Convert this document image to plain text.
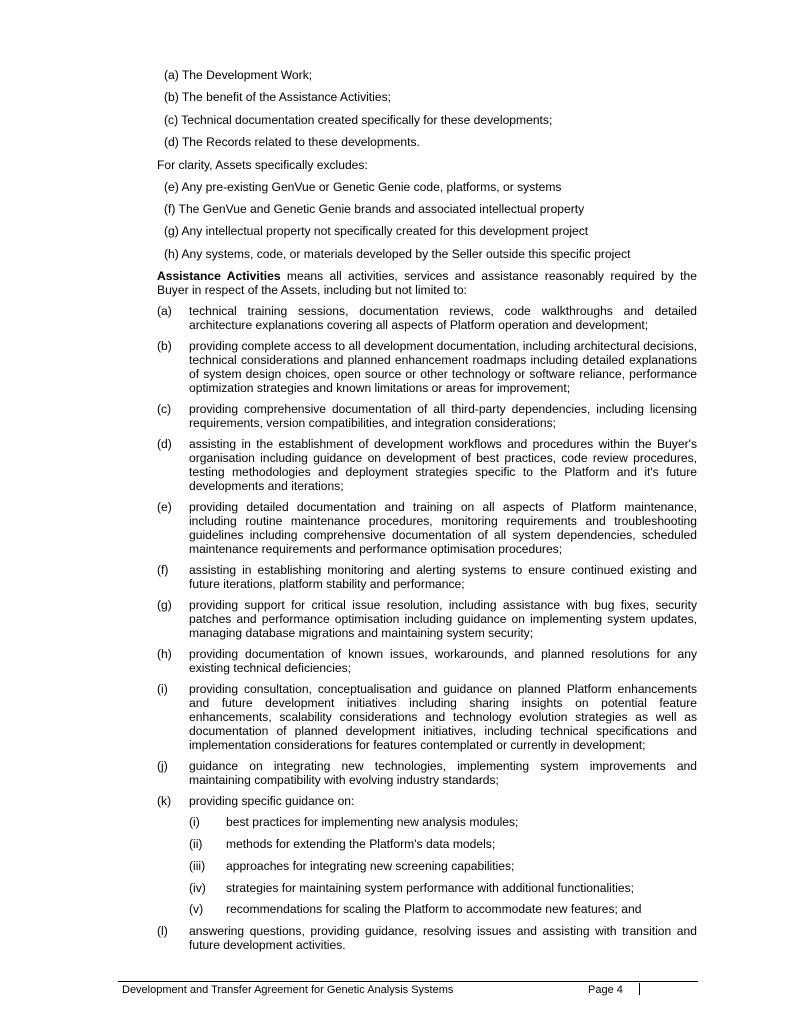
(a) The Development Work;
(b) The benefit of the Assistance Activities;
(c) Technical documentation created specifically for these developments;
(d) The Records related to these developments.
For clarity, Assets specifically excludes:
(e) Any pre-existing GenVue or Genetic Genie code, platforms, or systems
(f) The GenVue and Genetic Genie brands and associated intellectual property
(g) Any intellectual property not specifically created for this development project
(h) Any systems, code, or materials developed by the Seller outside this specific project
Assistance Activities means all activities, services and assistance reasonably required by the Buyer in respect of the Assets, including but not limited to:
(a)	technical training sessions, documentation reviews, code walkthroughs and detailed architecture explanations covering all aspects of Platform operation and development;
(b)	providing complete access to all development documentation, including architectural decisions, technical considerations and planned enhancement roadmaps including detailed explanations of system design choices, open source or other technology or software reliance, performance optimization strategies and known limitations or areas for improvement;
(c)	providing comprehensive documentation of all third-party dependencies, including licensing requirements, version compatibilities, and integration considerations;
(d)	assisting in the establishment of development workflows and procedures within the Buyer's organisation including guidance on development of best practices, code review procedures, testing methodologies and deployment strategies specific to the Platform and it's future developments and iterations;
(e)	providing detailed documentation and training on all aspects of Platform maintenance, including routine maintenance procedures, monitoring requirements and troubleshooting guidelines including comprehensive documentation of all system dependencies, scheduled maintenance requirements and performance optimisation procedures;
(f)	assisting in establishing monitoring and alerting systems to ensure continued existing and future iterations, platform stability and performance;
(g)	providing support for critical issue resolution, including assistance with bug fixes, security patches and performance optimisation including guidance on implementing system updates, managing database migrations and maintaining system security;
(h)	providing documentation of known issues, workarounds, and planned resolutions for any existing technical deficiencies;
(i)	providing consultation, conceptualisation and guidance on planned Platform enhancements and future development initiatives including sharing insights on potential feature enhancements, scalability considerations and technology evolution strategies as well as documentation of planned development initiatives, including technical specifications and implementation considerations for features contemplated or currently in development;
(j)	guidance on integrating new technologies, implementing system improvements and maintaining compatibility with evolving industry standards;
(k)	providing specific guidance on:
(i)	best practices for implementing new analysis modules;
(ii)	methods for extending the Platform's data models;
(iii)	approaches for integrating new screening capabilities;
(iv)	strategies for maintaining system performance with additional functionalities;
(v)	recommendations for scaling the Platform to accommodate new features; and
(l)	answering questions, providing guidance, resolving issues and assisting with transition and future development activities.
Development and Transfer Agreement for Genetic Analysis Systems	Page 4
